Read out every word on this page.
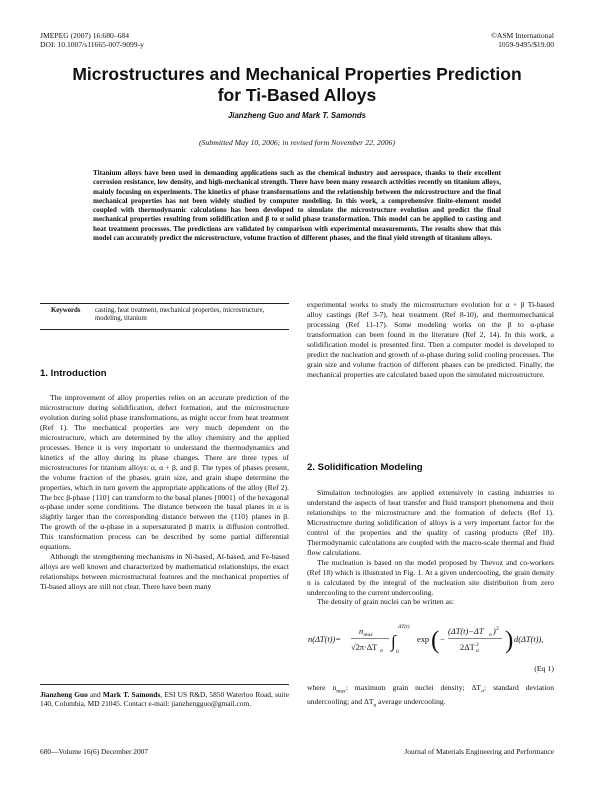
JMEPEG (2007) 16:680–684
DOI: 10.1007/s11665-007-9099-y
©ASM International
1059-9495/$19.00
Microstructures and Mechanical Properties Prediction
for Ti-Based Alloys
Jianzheng Guo and Mark T. Samonds
(Submitted May 10, 2006; in revised form November 22, 2006)
Titanium alloys have been used in demanding applications such as the chemical industry and aerospace, thanks to their excellent corrosion resistance, low density, and high-mechanical strength. There have been many research activities recently on titanium alloys, mainly focusing on experiments. The kinetics of phase transformations and the relationship between the microstructure and the final mechanical properties has not been widely studied by computer modeling. In this work, a comprehensive finite-element model coupled with thermodynamic calculations has been developed to simulate the microstructure evolution and predict the final mechanical properties resulting from solidification and β to α solid phase transformation. This model can be applied to casting and heat treatment processes. The predictions are validated by comparison with experimental measurements. The results show that this model can accurately predict the microstructure, volume fraction of different phases, and the final yield strength of titanium alloys.
Keywords casting, heat treatment, mechanical properties, microstructure, modeling, titanium
1. Introduction

The improvement of alloy properties relies on an accurate prediction of the microstructure during solidification, defect formation, and the microstructure evolution during solid phase transformations, as might occur from heat treatment (Ref 1). The mechanical properties are very much dependent on the microstructure, which are determined by the alloy chemistry and the applied processes. Hence it is very important to understand the thermodynamics and kinetics of the alloy during its phase changes. There are three types of microstructures for titanium alloys: α, α + β, and β. The types of phases present, the volume fraction of the phases, grain size, and grain shape determine the properties, which in turn govern the appropriate applications of the alloy (Ref 2). The bcc β-phase {110} can transform to the basal planes {0001} of the hexagonal α-phase under some conditions. The distance between the basal planes in α is slightly larger than the corresponding distance between the {110} planes in β. The growth of the α-phase in a supersaturated β matrix is diffusion controlled. This transformation process can be described by some partial differential equations.

Although the strengthening mechanisms in Ni-based, Al-based, and Fe-based alloys are well known and characterized by mathematical relationships, the exact relationships between microstructural features and the mechanical properties of Ti-based alloys are still not clear. There have been many

Jianzheng Guo and Mark T. Samonds, ESI US R&D, 5850 Waterloo Road, suite 140, Columbia, MD 21045. Contact e-mail: jianzhengguo@gmail.com.

experimental works to study the microstructure evolution for α + β Ti-based alloy castings (Ref 3-7), heat treatment (Ref 8-10), and thermomechanical processing (Ref 11-17). Some modeling works on the β to α-phase transformation can been found in the literature (Ref 2, 14). In this work, a solidification model is presented first. Then a computer model is developed to predict the nucleation and growth of α-phase during solid cooling processes. The grain size and volume fraction of different phases can be predicted. Finally, the mechanical properties are calculated based upon the simulated microstructure.

2. Solidification Modeling

Simulation technologies are applied extensively in casting industries to understand the aspects of heat transfer and fluid transport phenomena and their relationships to the microstructure and the formation of defects (Ref 1). Microstructure during solidification of alloys is a very important factor for the control of the properties and the quality of casting products (Ref 18). Thermodynamic calculations are coupled with the macro-scale thermal and fluid flow calculations.

The nucleation is based on the model proposed by Thevoz and co-workers (Ref 18) which is illustrated in Fig. 1. At a given undercooling, the grain density n is calculated by the integral of the nucleation site distribution from zero undercooling to the current undercooling.

The density of grain nuclei can be written as:

n(ΔT(t))=
n max
√2π·ΔT σ ∫
ΔT(t)
0
exp ( −
(ΔT(t)−ΔT n ) 2
2ΔT 2
σ ) d(ΔT(t)),
(Eq 1)
where $n_{max}$: maximum grain nuclei density; $\Delta T_\sigma$: standard deviation undercooling; and $\Delta T_n$ average undercooling.
680—Volume 16(6) December 2007	Journal of Materials Engineering and Performance
